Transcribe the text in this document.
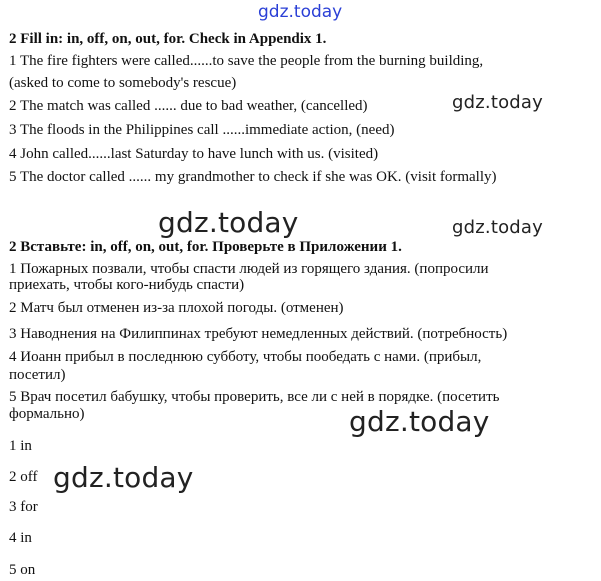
gdz.today
2 Fill in: in, off, on, out, for. Check in Appendix 1.
1 The fire fighters were called......to save the people from the burning building,
(asked to come to somebody's rescue)
2 The match was called ...... due to bad weather, (cancelled)
3 The floods in the Philippines call ......immediate action, (need)
4 John called......last Saturday to have lunch with us. (visited)
5 The doctor called ...... my grandmother to check if she was OK. (visit formally)
gdz.today
gdz.today	gdz.today
2 Вставьте: in, off, on, out, for. Проверьте в Приложении 1.
1 Пожарных позвали, чтобы спасти людей из горящего здания. (попросили
приехать, чтобы кого-нибудь спасти)
2 Матч был отменен из-за плохой погоды. (отменен)
3 Наводнения на Филиппинах требуют немедленных действий. (потребность)
4 Иоанн прибыл в последнюю субботу, чтобы пообедать с нами. (прибыл,
посетил)
5 Врач посетил бабушку, чтобы проверить, все ли с ней в порядке. (посетить
формально)	gdz.today
1 in
2 off
3 for
4 in
5 on
gdz.today
